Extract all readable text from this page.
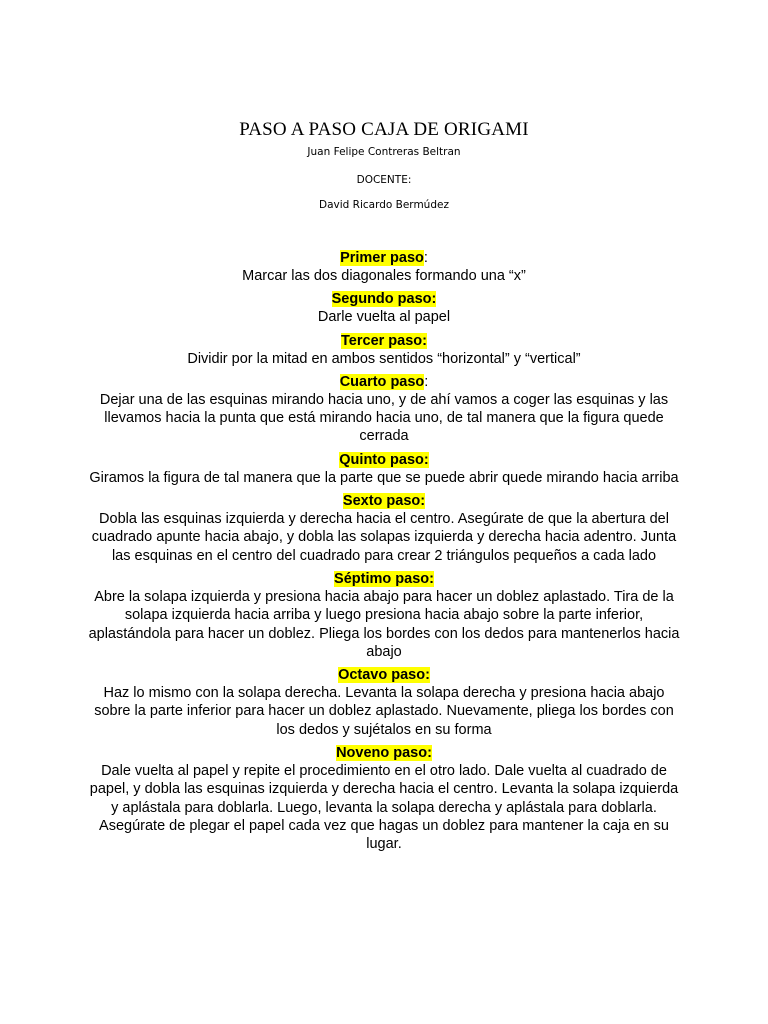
PASO A PASO CAJA DE ORIGAMI

Juan Felipe Contreras Beltran

DOCENTE:

David Ricardo Bermúdez

Primer paso:

Marcar las dos diagonales formando una “x”

Segundo paso:

Darle vuelta al papel

Tercer paso:

Dividir por la mitad en ambos sentidos “horizontal” y “vertical”

Cuarto paso:

Dejar una de las esquinas mirando hacia uno, y de ahí vamos a coger las esquinas y las llevamos hacia la punta que está mirando hacia uno, de tal manera que la figura quede cerrada

Quinto paso:

Giramos la figura de tal manera que la parte que se puede abrir quede mirando hacia arriba

Sexto paso:

Dobla las esquinas izquierda y derecha hacia el centro. Asegúrate de que la abertura del cuadrado apunte hacia abajo, y dobla las solapas izquierda y derecha hacia adentro. Junta las esquinas en el centro del cuadrado para crear 2 triángulos pequeños a cada lado

Séptimo paso:

Abre la solapa izquierda y presiona hacia abajo para hacer un doblez aplastado. Tira de la solapa izquierda hacia arriba y luego presiona hacia abajo sobre la parte inferior, aplastándola para hacer un doblez. Pliega los bordes con los dedos para mantenerlos hacia abajo

Octavo paso:

Haz lo mismo con la solapa derecha. Levanta la solapa derecha y presiona hacia abajo sobre la parte inferior para hacer un doblez aplastado. Nuevamente, pliega los bordes con los dedos y sujétalos en su forma

Noveno paso:

Dale vuelta al papel y repite el procedimiento en el otro lado. Dale vuelta al cuadrado de papel, y dobla las esquinas izquierda y derecha hacia el centro. Levanta la solapa izquierda y aplástala para doblarla. Luego, levanta la solapa derecha y aplástala para doblarla. Asegúrate de plegar el papel cada vez que hagas un doblez para mantener la caja en su lugar.
